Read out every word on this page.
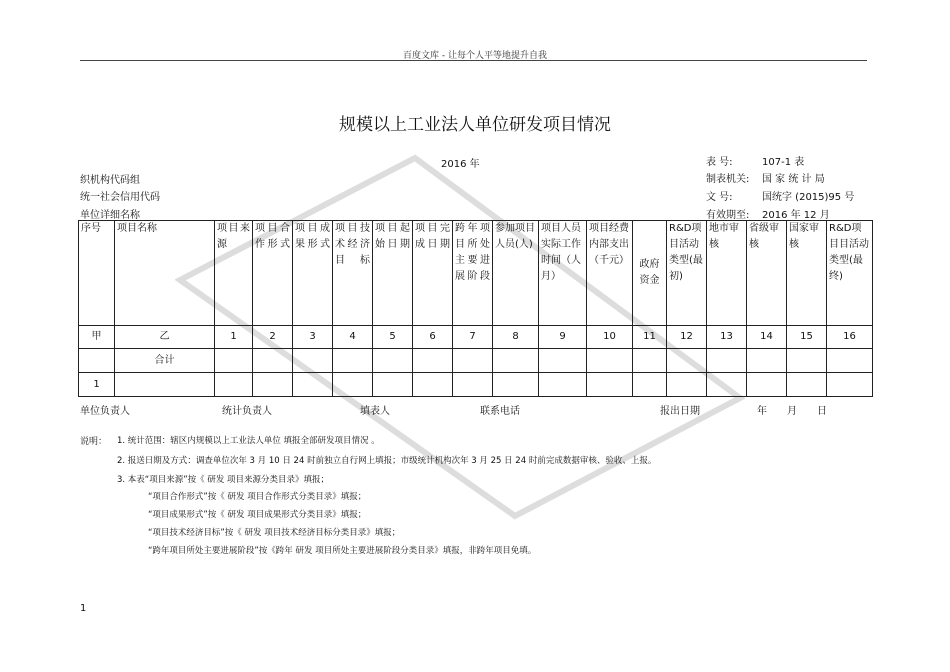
百度文库 - 让每个人平等地提升自我
规模以上工业法人单位研发项目情况
2016 年
织机构代码组
统一社会信用代码
单位详细名称
表 号:	107-1 表
制表机关: 国 家 统 计 局
文 号:	国统字 (2015)95 号
有效期至: 2016 年 12 月
序号	项目名称	项目来源	项目合作形式	项目成果形式	项目技术经济目标	项目起始日期	项目完成日期	跨年项目所处主要进展阶段	参加项目人员(人)	项目人员实际工作时间（人月）	项目经费内部支出（千元）	政府资金	R&D项目活动类型(最初)	地市审核	省级审核	国家审核	R&D项目目活动类型(最终)
甲	乙	1	2	3	4	5	6	7	8	9	10	11	12	13	14	15	16
	合计																
1																	
单位负责人	统计负责人	填表人	联系电话	报出日期	年 月 日
说明： 1. 统计范围：辖区内规模以上工业法人单位 填报全部研发项目情况 。
2. 报送日期及方式：调查单位次年 3 月 10 日 24 时前独立自行网上填报；市级统计机构次年 3 月 25 日 24 时前完成数据审核、验收、上报。
3. 本表“项目来源”按《 研发 项目来源分类目录》填报；
“项目合作形式”按《 研发 项目合作形式分类目录》填报；
“项目成果形式”按《 研发 项目成果形式分类目录》填报；
“项目技术经济目标”按《 研发 项目技术经济目标分类目录》填报；
“跨年项目所处主要进展阶段”按《跨年 研发 项目所处主要进展阶段分类目录》填报，非跨年项目免填。
1
